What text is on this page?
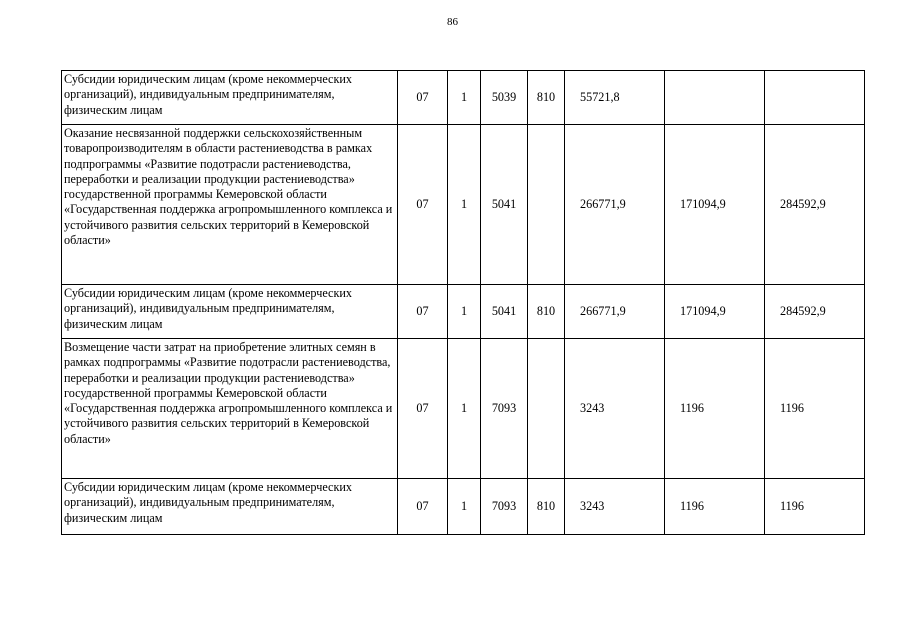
86
Субсидии юридическим лицам (кроме некоммерческих организаций), индивидуальным предпринимателям, физическим лицам	07	1	5039	810	55721,8		
Оказание несвязанной поддержки сельскохозяйственным товаропроизводителям в области растениеводства в рамках подпрограммы «Развитие подотрасли растениеводства, переработки и реализации продукции растениеводства» государственной программы Кемеровской области «Государственная поддержка агропромышленного комплекса и устойчивого развития сельских территорий в Кемеровской области»	07	1	5041		266771,9	171094,9	284592,9
Субсидии юридическим лицам (кроме некоммерческих организаций), индивидуальным предпринимателям, физическим лицам	07	1	5041	810	266771,9	171094,9	284592,9
Возмещение части затрат на приобретение элитных семян в рамках подпрограммы «Развитие подотрасли растениеводства, переработки и реализации продукции растениеводства» государственной программы Кемеровской области «Государственная поддержка агропромышленного комплекса и устойчивого развития сельских территорий в Кемеровской области»	07	1	7093		3243	1196	1196
Субсидии юридическим лицам (кроме некоммерческих организаций), индивидуальным предпринимателям, физическим лицам	07	1	7093	810	3243	1196	1196
